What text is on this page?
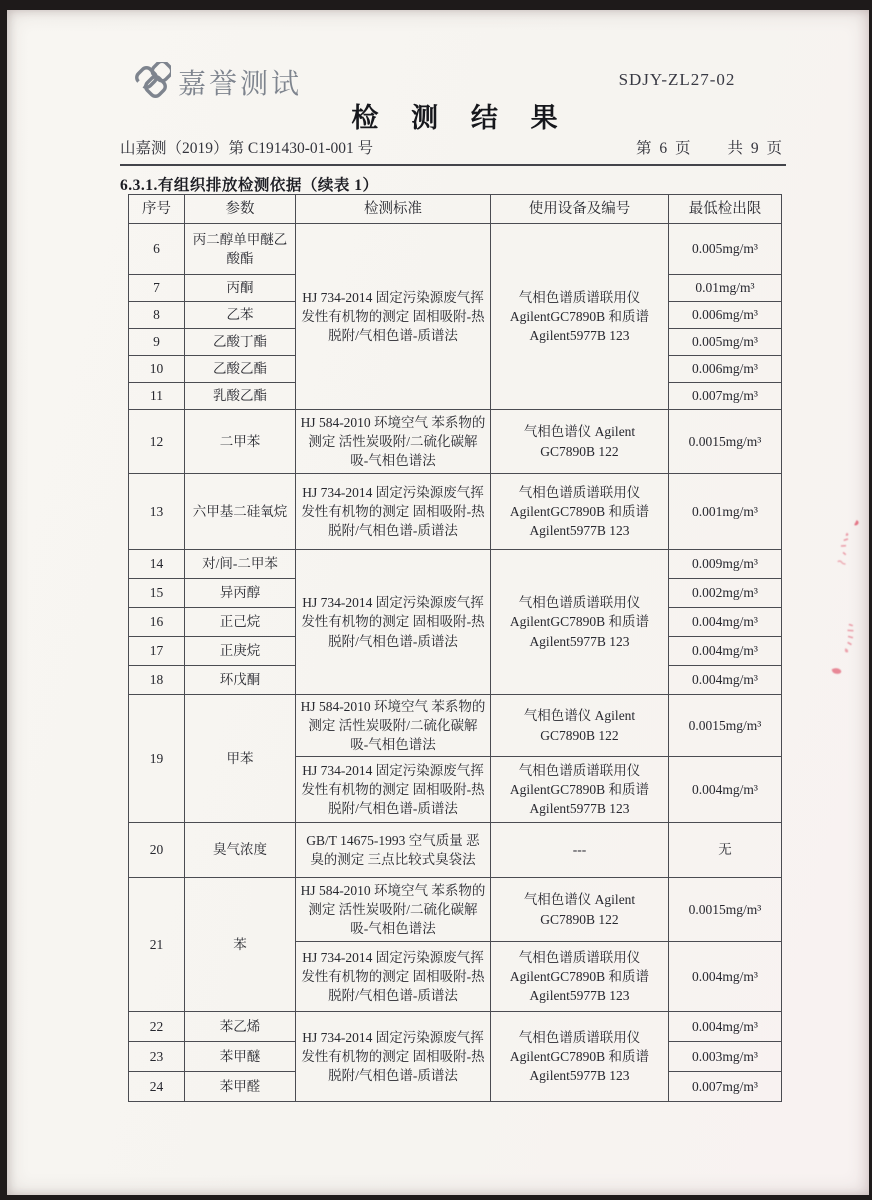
嘉誉测试	SDJY-ZL27-02
检 测 结 果
山嘉测（2019）第 C191430-01-001 号	第 6 页　　共 9 页
6.3.1.有组织排放检测依据（续表 1）
序号	参数	检测标准	使用设备及编号	最低检出限
6	丙二醇单甲醚乙酸酯	HJ 734-2014 固定污染源废气挥发性有机物的测定 固相吸附-热脱附/气相色谱-质谱法	气相色谱质谱联用仪 AgilentGC7890B 和质谱 Agilent5977B 123	0.005mg/m³
7	丙酮			0.01mg/m³
8	乙苯			0.006mg/m³
9	乙酸丁酯			0.005mg/m³
10	乙酸乙酯			0.006mg/m³
11	乳酸乙酯			0.007mg/m³
12	二甲苯	HJ 584-2010 环境空气 苯系物的测定 活性炭吸附/二硫化碳解吸-气相色谱法	气相色谱仪 Agilent GC7890B 122	0.0015mg/m³
13	六甲基二硅氧烷	HJ 734-2014 固定污染源废气挥发性有机物的测定 固相吸附-热脱附/气相色谱-质谱法	气相色谱质谱联用仪 AgilentGC7890B 和质谱 Agilent5977B 123	0.001mg/m³
14	对/间-二甲苯	HJ 734-2014 固定污染源废气挥发性有机物的测定 固相吸附-热脱附/气相色谱-质谱法	气相色谱质谱联用仪 AgilentGC7890B 和质谱 Agilent5977B 123	0.009mg/m³
15	异丙醇			0.002mg/m³
16	正己烷			0.004mg/m³
17	正庚烷			0.004mg/m³
18	环戊酮			0.004mg/m³
19	甲苯	HJ 584-2010 环境空气 苯系物的测定 活性炭吸附/二硫化碳解吸-气相色谱法	气相色谱仪 Agilent GC7890B 122	0.0015mg/m³
		HJ 734-2014 固定污染源废气挥发性有机物的测定 固相吸附-热脱附/气相色谱-质谱法	气相色谱质谱联用仪 AgilentGC7890B 和质谱 Agilent5977B 123	0.004mg/m³
20	臭气浓度	GB/T 14675-1993 空气质量 恶臭的测定 三点比较式臭袋法	---	无
21	苯	HJ 584-2010 环境空气 苯系物的测定 活性炭吸附/二硫化碳解吸-气相色谱法	气相色谱仪 Agilent GC7890B 122	0.0015mg/m³
		HJ 734-2014 固定污染源废气挥发性有机物的测定 固相吸附-热脱附/气相色谱-质谱法	气相色谱质谱联用仪 AgilentGC7890B 和质谱 Agilent5977B 123	0.004mg/m³
22	苯乙烯	HJ 734-2014 固定污染源废气挥发性有机物的测定 固相吸附-热脱附/气相色谱-质谱法	气相色谱质谱联用仪 AgilentGC7890B 和质谱 Agilent5977B 123	0.004mg/m³
23	苯甲醚			0.003mg/m³
24	苯甲醛			0.007mg/m³
